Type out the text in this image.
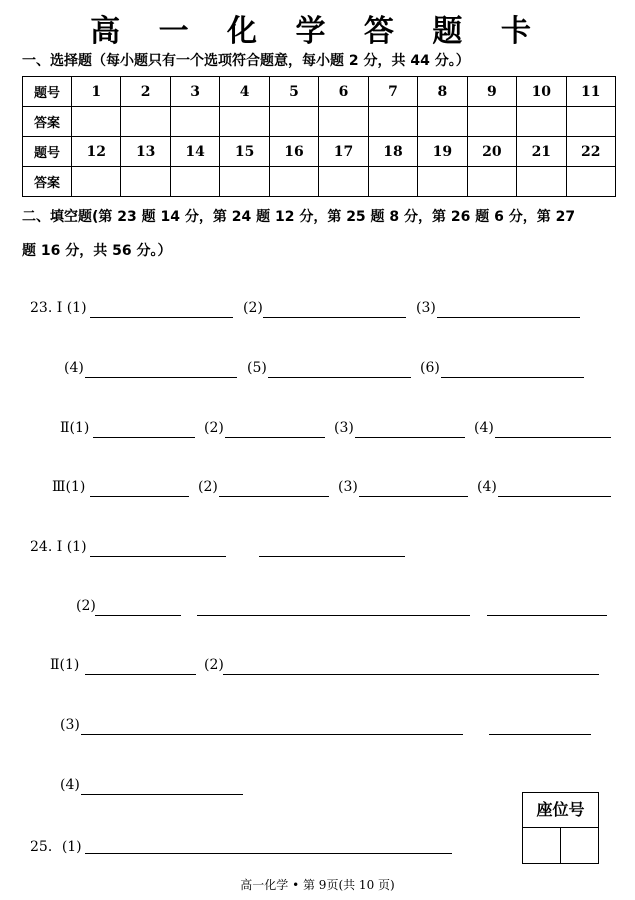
高 一 化 学 答 题 卡
一、选择题（每小题只有一个选项符合题意，每小题 2 分，共 44 分。）
题号	1	2	3	4	5	6	7	8	9	10	11
答案											
题号	12	13	14	15	16	17	18	19	20	21	22
答案											
二、填空题(第 23 题 14 分，第 24 题 12 分，第 25 题 8 分，第 26 题 6 分，第 27
题 16 分，共 56 分。）
23. Ⅰ (1)	(2)	(3)
(4)	(5)	(6)
Ⅱ(1)	(2)	(3)	(4)
Ⅲ(1)	(2)	(3)	(4)
24. Ⅰ (1)
(2)
Ⅱ(1)	(2)
(3)
(4)
25．(1)
座位号
高一化学 • 第 9页(共 10 页)
